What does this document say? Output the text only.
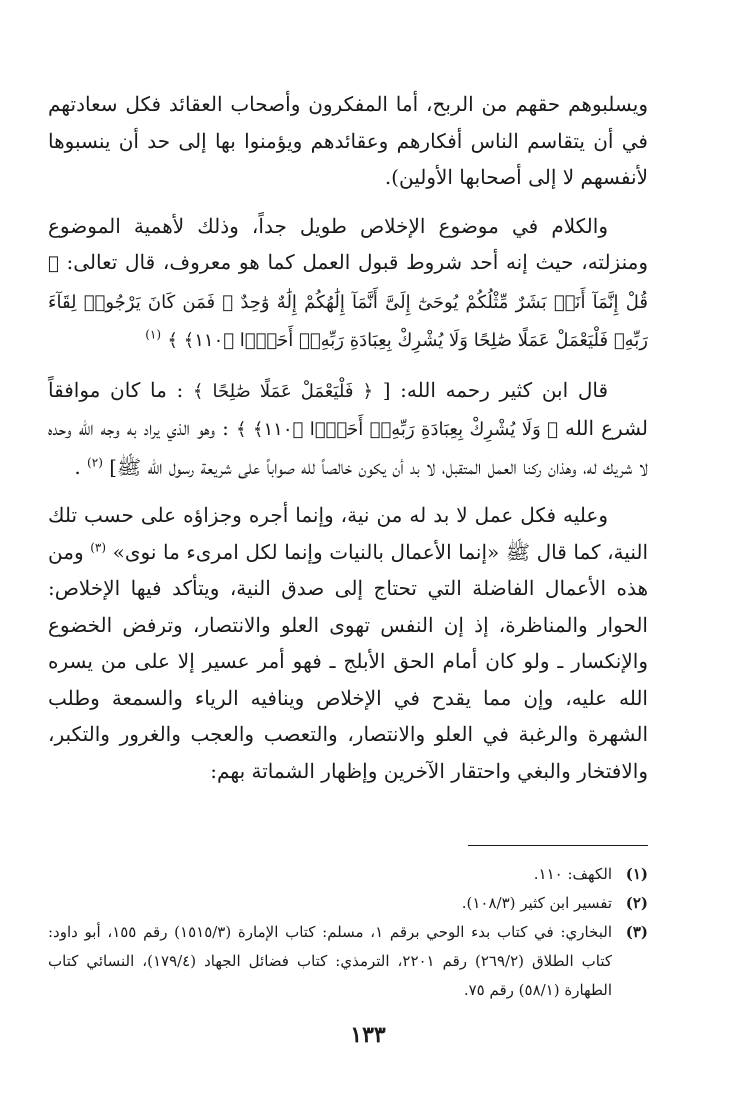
ويسلبوهم حقهم من الربح، أما المفكرون وأصحاب العقائد فكل سعادتهم في أن يتقاسم الناس أفكارهم وعقائدهم ويؤمنوا بها إلى حد أن ينسبوها لأنفسهم لا إلى أصحابها الأولين).

والكلام في موضوع الإخلاص طويل جداً، وذلك لأهمية الموضوع ومنزلته، حيث إنه أحد شروط قبول العمل كما هو معروف، قال تعالى: ﴿ قُلْ إِنَّمَآ أَنَا۠ بَشَرٌ مِّثْلُكُمْ يُوحَىٰٓ إِلَىَّ أَنَّمَآ إِلَٰهُكُمْ إِلَٰهٌ وَٰحِدٌ ۖ فَمَن كَانَ يَرْجُوا۟ لِقَآءَ رَبِّهِۦ فَلْيَعْمَلْ عَمَلًا صَٰلِحًا وَلَا يُشْرِكْ بِعِبَادَةِ رَبِّهِۦٓ أَحَدًۢا ﴿١١٠﴾ ﴾ $^{(١)}$

قال ابن كثير رحمه الله: [ ﴿ فَلْيَعْمَلْ عَمَلًا صَٰلِحًا ﴾ : ما كان موافقاً لشرع الله ﴿ وَلَا يُشْرِكْ بِعِبَادَةِ رَبِّهِۦٓ أَحَدًۢا ﴿١١٠﴾ ﴾ : وهو الذي يراد به وجه الله وحده لا شريك له، وهذان ركنا العمل المتقبل، لا بد أن يكون خالصاً لله صواباً على شريعة رسول الله ﷺ] $^{(٢)}$ .

وعليه فكل عمل لا بد له من نية، وإنما أجره وجزاؤه على حسب تلك النية، كما قال ﷺ «إنما الأعمال بالنيات وإنما لكل امرىء ما نوى» $^{(٣)}$ ومن هذه الأعمال الفاضلة التي تحتاج إلى صدق النية، ويتأكد فيها الإخلاص: الحوار والمناظرة، إذ إن النفس تهوى العلو والانتصار، وترفض الخضوع والإنكسار ـ ولو كان أمام الحق الأبلج ـ فهو أمر عسير إلا على من يسره الله عليه، وإن مما يقدح في الإخلاص وينافيه الرياء والسمعة وطلب الشهرة والرغبة في العلو والانتصار، والتعصب والعجب والغرور والتكبر، والافتخار والبغي واحتقار الآخرين وإظهار الشماتة بهم:

(١)
الكهف: ١١٠.
(٢)
تفسير ابن كثير (١٠٨/٣).
(٣)
البخاري: في كتاب بدء الوحي برقم ١، مسلم: كتاب الإمارة (١٥١٥/٣) رقم ١٥٥، أبو داود: كتاب الطلاق (٢٦٩/٢) رقم ٢٢٠١، الترمذي: كتاب فضائل الجهاد (١٧٩/٤)، النسائي كتاب الطهارة (٥٨/١) رقم ٧٥.
١٣٣
